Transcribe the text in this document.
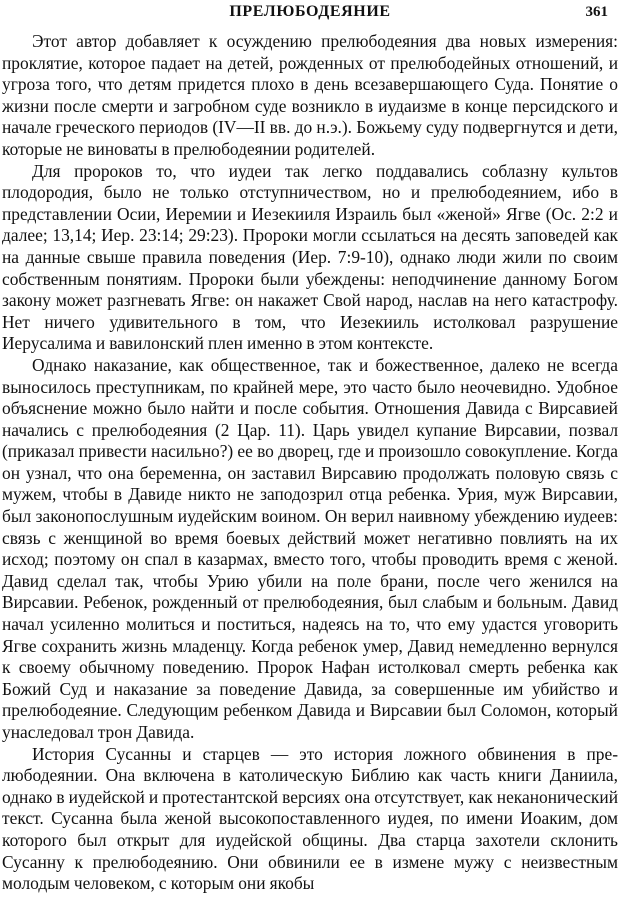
ПРЕЛЮБОДЕЯНИЕ	361

Этот автор добавляет к осуждению прелюбодеяния два новых измерения: проклятие, которое падает на детей, рожденных от прелюбодейных отношений, и угроза того, что детям придется плохо в день всезавершающего Суда. Понятие о жизни после смерти и загробном суде возникло в иудаизме в конце персидского и начале греческого периодов (IV—II вв. до н.э.). Божьему суду подвергнутся и дети, которые не виноваты в прелюбодеянии родителей.

Для пророков то, что иудеи так легко поддавались соблазну культов плодородия, было не только отступничеством, но и прелюбодеянием, ибо в представлении Осии, Иеремии и Иезекииля Израиль был «женой» Ягве (Ос. 2:2 и далее; 13,14; Иер. 23:14; 29:23). Пророки могли ссылаться на десять заповедей как на данные свыше правила поведения (Иер. 7:9-10), однако люди жили по своим собственным понятиям. Пророки были убеждены: неподчинение данному Богом закону может разгневать Ягве: он накажет Свой народ, наслав на него катастрофу. Нет ничего удивительного в том, что Иезекииль истолковал разрушение Иерусалима и вавилонский плен именно в этом контексте.

Однако наказание, как общественное, так и божественное, далеко не всегда выносилось преступникам, по крайней мере, это часто было неочевидно. Удобное объяснение можно было найти и после события. Отношения Давида с Вирсавией начались с прелюбодеяния (2 Цар. 11). Царь увидел купание Вирсавии, позвал (приказал привести насильно?) ее во дворец, где и произошло совокупление. Когда он узнал, что она беременна, он заставил Вирсавию продолжать половую связь с мужем, чтобы в Давиде никто не заподозрил отца ребенка. Урия, муж Вирсавии, был законопослушным иудейским воином. Он верил наивному убеждению иудеев: связь с женщиной во время боевых действий может негативно повлиять на их исход; поэтому он спал в казармах, вместо того, чтобы проводить время с женой. Давид сделал так, чтобы Урию убили на поле брани, после чего женился на Вирсавии. Ребенок, рожденный от прелюбодеяния, был слабым и больным. Давид начал усиленно молиться и поститься, надеясь на то, что ему удастся уговорить Ягве сохранить жизнь младенцу. Когда ребенок умер, Давид немедленно вернулся к своему обычному поведению. Пророк Нафан истолковал смерть ребенка как Божий Суд и наказание за поведение Давида, за совершенные им убийство и прелюбодеяние. Следующим ребенком Давида и Вирсавии был Соломон, который унаследовал трон Давида.

История Сусанны и старцев — это история ложного обвинения в прелюбодеянии. Она включена в католическую Библию как часть книги Даниила, однако в иудейской и протестантской версиях она отсутствует, как неканонический текст. Сусанна была женой высокопоставленного иудея, по имени Иоаким, дом которого был открыт для иудейской общины. Два старца захотели склонить Сусанну к прелюбодеянию. Они обвинили ее в измене мужу с неизвестным молодым человеком, с которым они якобы
